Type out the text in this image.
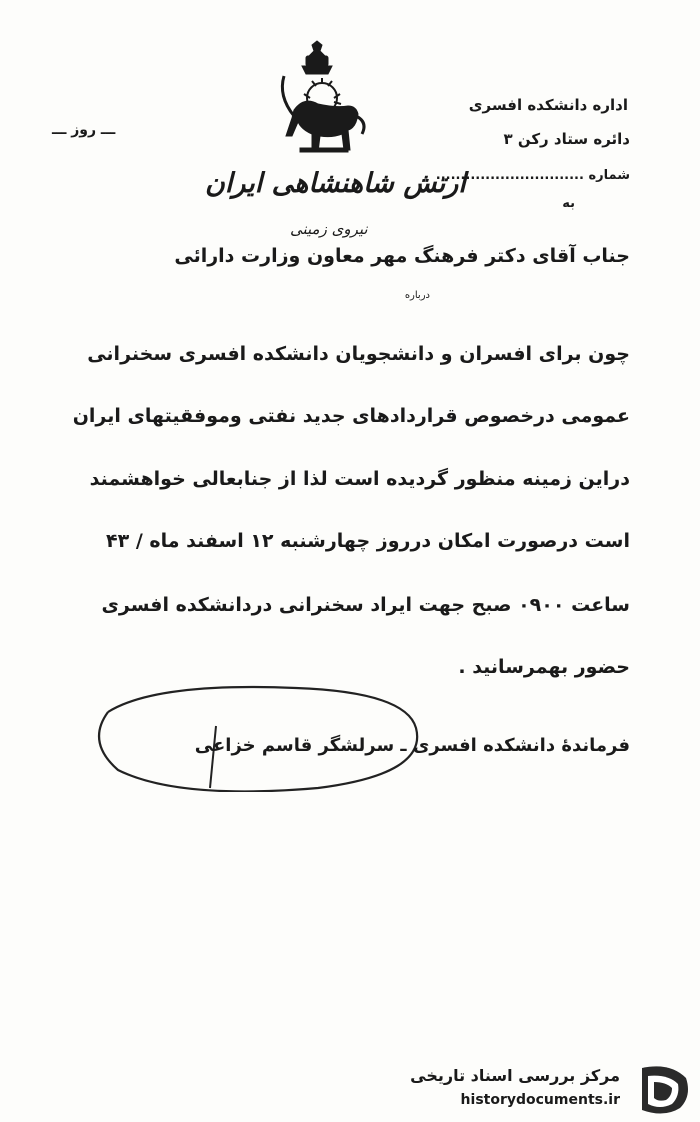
اداره دانشکده افسری
دائره ستاد رکن ۳
شماره ..............................
به
ـــ روز ـــ
ارتش شاهنشاهی ایران
نیروی زمینی
جناب آقای دکتر فرهنگ مهر معاون وزارت دارائی
درباره
چون برای افسران و دانشجویان دانشکده افسری سخنرانی
عمومی درخصوص قراردادهای جدید نفتی وموفقیتهای ایران
دراین زمینه منظور گردیده است لذا از جنابعالی خواهشمند
است درصورت امکان درروز چهارشنبه ۱۲ اسفند ماه / ۴۳
ساعت ۰۹۰۰ صبح جهت ایراد سخنرانی دردانشکده افسری
حضور بهمرسانید .
فرماندهٔ دانشکده افسری ـ سرلشگر قاسم خزاعی
مرکز بررسی اسناد تاریخی
historydocuments.ir
